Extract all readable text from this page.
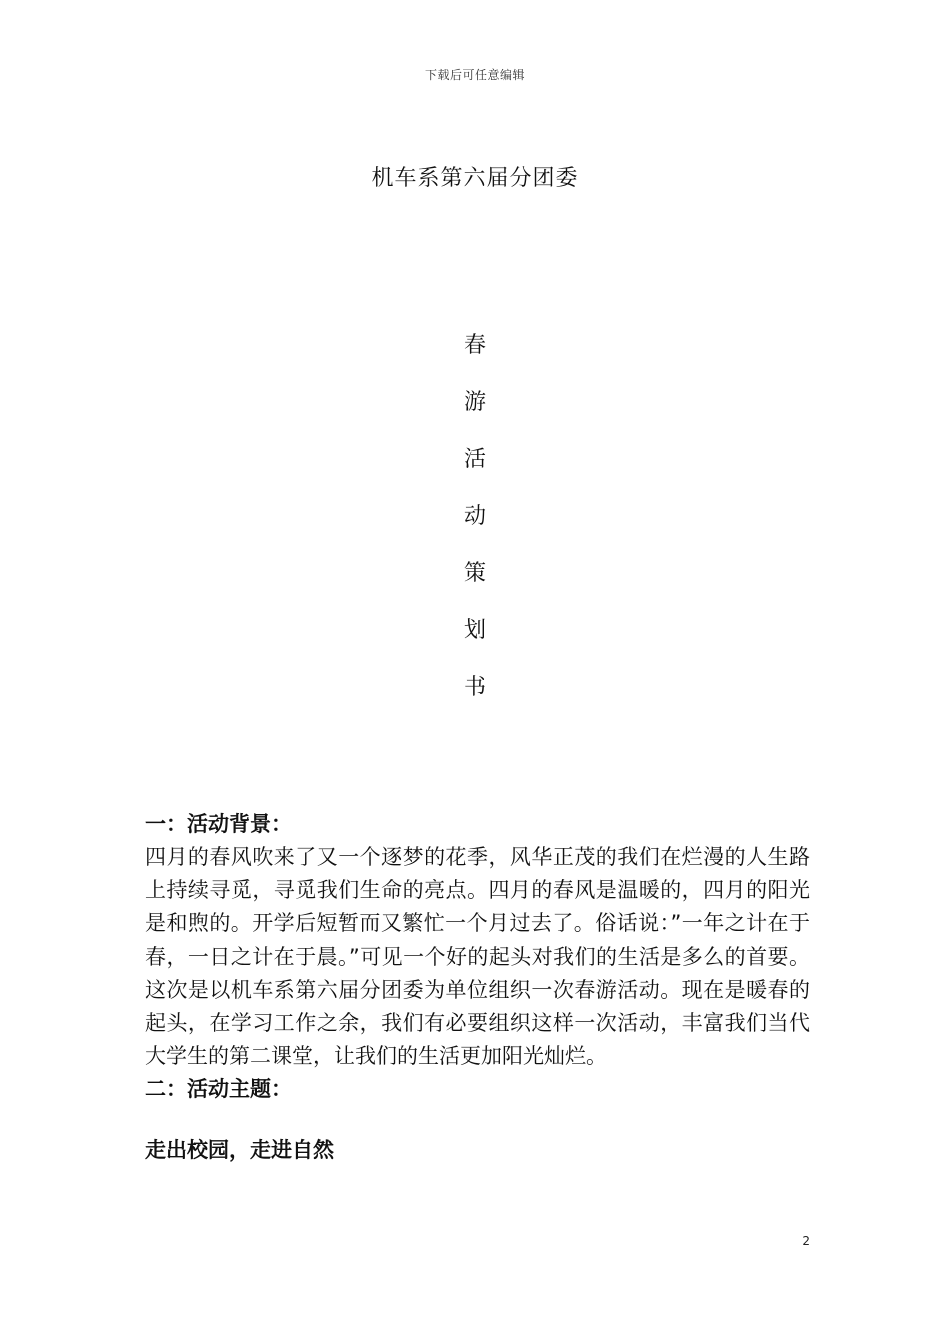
下载后可任意编辑
机车系第六届分团委
春
游
活
动
策
划
书
一：活动背景：

四月的春风吹来了又一个逐梦的花季，风华正茂的我们在烂漫的人生路上持续寻觅，寻觅我们生命的亮点。四月的春风是温暖的，四月的阳光是和煦的。开学后短暂而又繁忙一个月过去了。俗话说：”一年之计在于春，一日之计在于晨。”可见一个好的起头对我们的生活是多么的首要。这次是以机车系第六届分团委为单位组织一次春游活动。现在是暖春的起头，在学习工作之余，我们有必要组织这样一次活动，丰富我们当代大学生的第二课堂，让我们的生活更加阳光灿烂。

二：活动主题：

走出校园，走进自然

2
